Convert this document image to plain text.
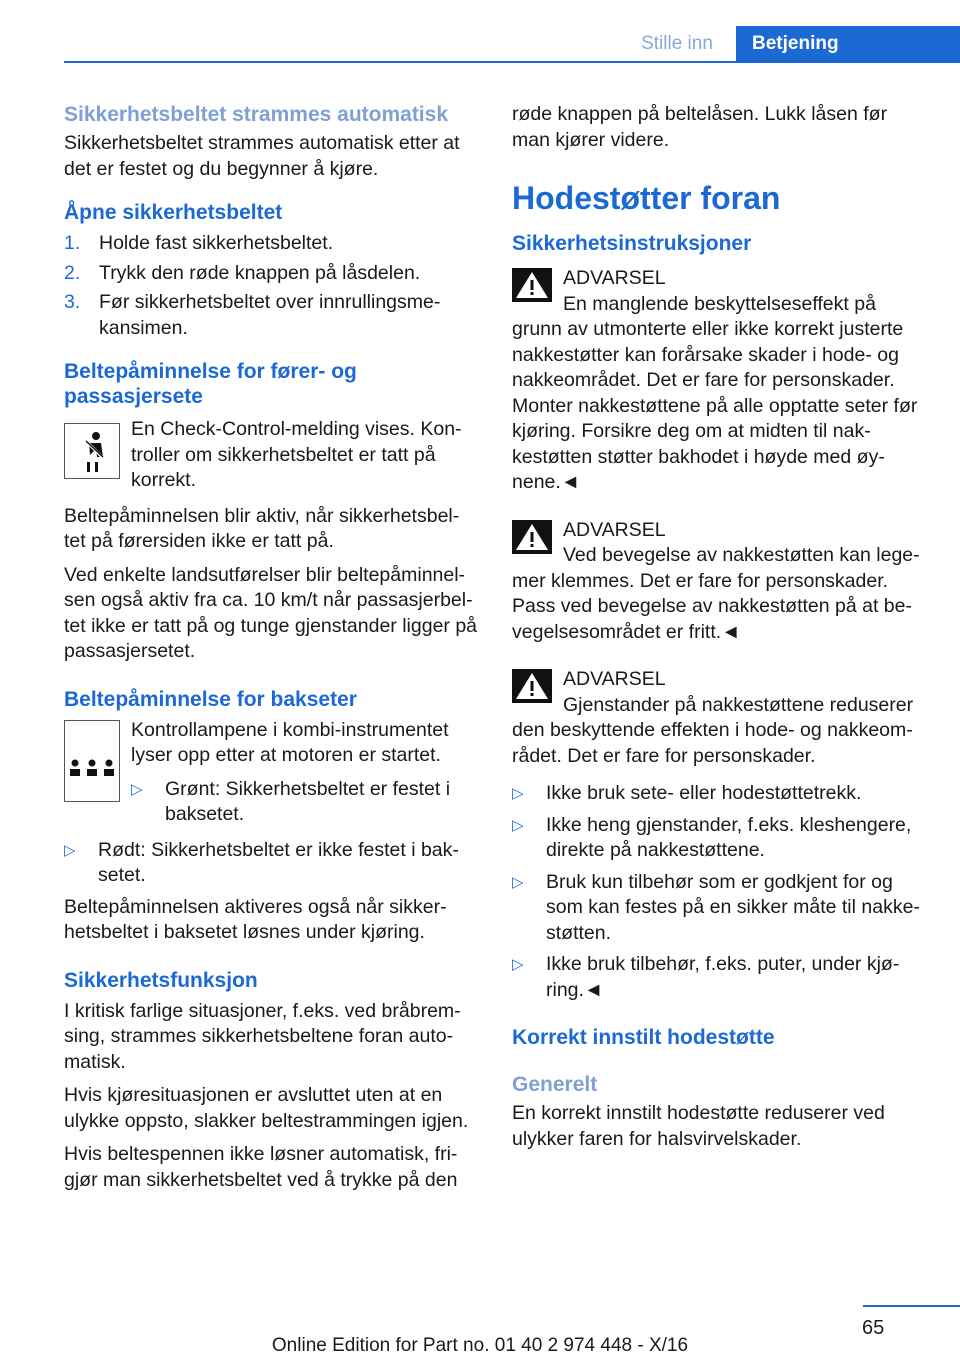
Stille inn	Betjening
Sikkerhetsbeltet strammes automatisk

Sikkerhetsbeltet strammes automatisk etter at det er festet og du begynner å kjøre.

Åpne sikkerhetsbeltet
1. Holde fast sikkerhetsbeltet.
2. Trykk den røde knappen på låsdelen.
3. Før sikkerhetsbeltet over innrullingsme‐ kansimen.
Beltepåminnelse for fører- og passasjersete

En Check-Control-melding vises. Kon‐ troller om sikkerhetsbeltet er tatt på korrekt.

Beltepåminnelsen blir aktiv, når sikkerhetsbel‐ tet på førersiden ikke er tatt på.

Ved enkelte landsutførelser blir beltepåminnel‐ sen også aktiv fra ca. 10 km/t når passasjerbel‐ tet ikke er tatt på og tunge gjenstander ligger på passasjersetet.

Beltepåminnelse for bakseter

Kontrollampene i kombi-instrumentet lyser opp etter at motoren er startet.

▷ Grønt: Sikkerhetsbeltet er festet i baksetet.
▷ Rødt: Sikkerhetsbeltet er ikke festet i bak‐ setet.

Beltepåminnelsen aktiveres også når sikker‐ hetsbeltet i baksetet løsnes under kjøring.

Sikkerhetsfunksjon

I kritisk farlige situasjoner, f.eks. ved bråbrem‐ sing, strammes sikkerhetsbeltene foran auto‐ matisk.

Hvis kjøresituasjonen er avsluttet uten at en ulykke oppsto, slakker beltestrammingen igjen.

Hvis beltespennen ikke løsner automatisk, fri‐ gjør man sikkerhetsbeltet ved å trykke på den

røde knappen på beltelåsen. Lukk låsen før man kjører videre.

Hodestøtter foran
Sikkerhetsinstruksjoner
ADVARSEL
En manglende beskyttelseseffekt på
grunn av utmonterte eller ikke korrekt justerte nakkestøtter kan forårsake skader i hode- og nakkeområdet. Det er fare for personskader. Monter nakkestøttene på alle opptatte seter før kjøring. Forsikre deg om at midten til nak‐ kestøtten støtter bakhodet i høyde med øy‐ nene.◄
ADVARSEL
Ved bevegelse av nakkestøtten kan lege‐
mer klemmes. Det er fare for personskader. Pass ved bevegelse av nakkestøtten på at be‐ vegelsesområdet er fritt.◄
ADVARSEL
Gjenstander på nakkestøttene reduserer
den beskyttende effekten i hode- og nakkeom‐ rådet. Det er fare for personskader.
▷ Ikke bruk sete- eller hodestøttetrekk.
▷ Ikke heng gjenstander, f.eks. kleshengere, direkte på nakkestøttene.
▷ Bruk kun tilbehør som er godkjent for og som kan festes på en sikker måte til nakke‐ støtten.
▷ Ikke bruk tilbehør, f.eks. puter, under kjø‐ ring.◄
Korrekt innstilt hodestøtte
Generelt

En korrekt innstilt hodestøtte reduserer ved ulykker faren for halsvirvelskader.

65
Online Edition for Part no. 01 40 2 974 448 - X/16
